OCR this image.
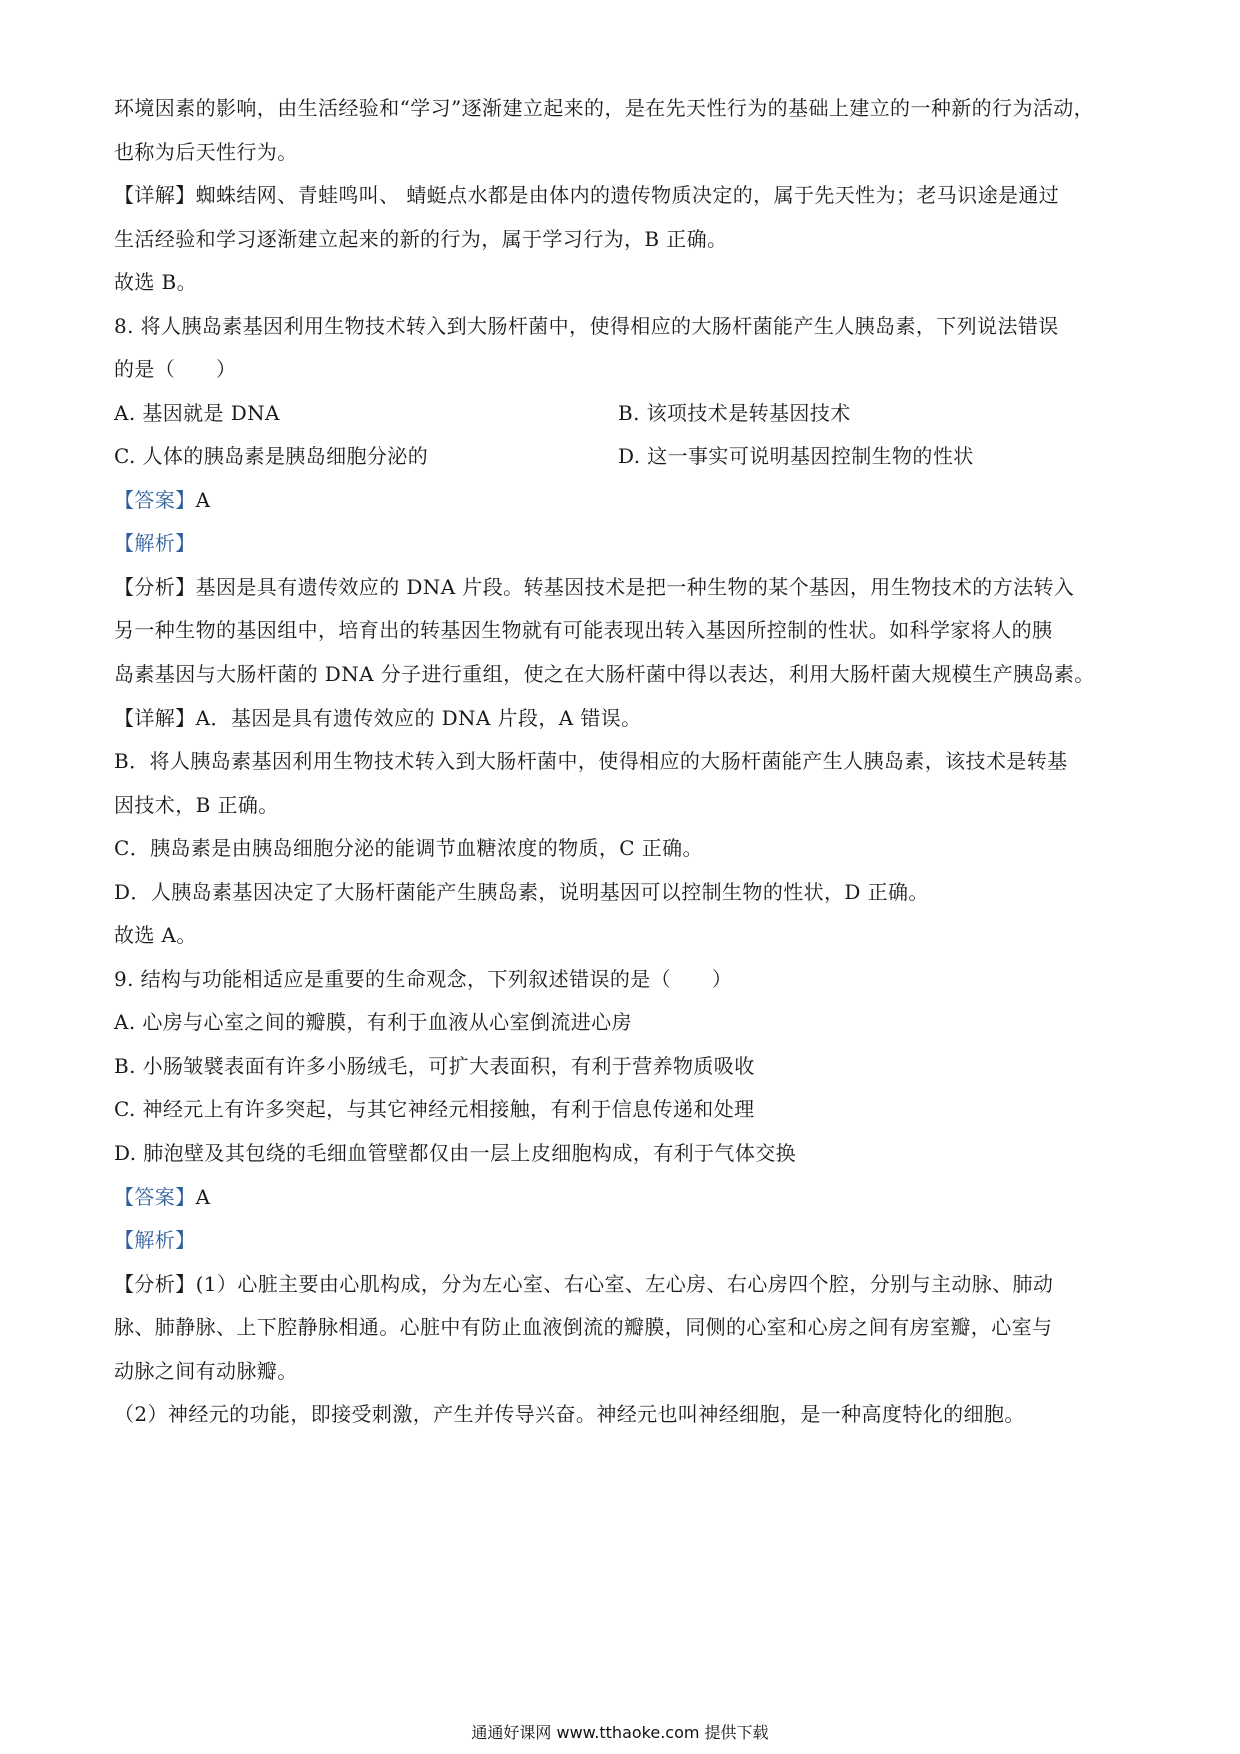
环境因素的影响，由生活经验和“学习”逐渐建立起来的，是在先天性行为的基础上建立的一种新的行为活动，
也称为后天性行为。
【详解】蜘蛛结网、青蛙鸣叫、 蜻蜓点水都是由体内的遗传物质决定的，属于先天性为；老马识途是通过
生活经验和学习逐渐建立起来的新的行为，属于学习行为，B 正确。
故选 B。
8. 将人胰岛素基因利用生物技术转入到大肠杆菌中，使得相应的大肠杆菌能产生人胰岛素，下列说法错误
的是（　　）
A. 基因就是 DNA	B. 该项技术是转基因技术
C. 人体的胰岛素是胰岛细胞分泌的	D. 这一事实可说明基因控制生物的性状
【答案】A
【解析】
【分析】基因是具有遗传效应的 DNA 片段。转基因技术是把一种生物的某个基因，用生物技术的方法转入
另一种生物的基因组中，培育出的转基因生物就有可能表现出转入基因所控制的性状。如科学家将人的胰
岛素基因与大肠杆菌的 DNA 分子进行重组，使之在大肠杆菌中得以表达，利用大肠杆菌大规模生产胰岛素。
【详解】A．基因是具有遗传效应的 DNA 片段，A 错误。
B．将人胰岛素基因利用生物技术转入到大肠杆菌中，使得相应的大肠杆菌能产生人胰岛素，该技术是转基
因技术，B 正确。
C．胰岛素是由胰岛细胞分泌的能调节血糖浓度的物质，C 正确。
D．人胰岛素基因决定了大肠杆菌能产生胰岛素，说明基因可以控制生物的性状，D 正确。
故选 A。
9. 结构与功能相适应是重要的生命观念，下列叙述错误的是（　　）
A. 心房与心室之间的瓣膜，有利于血液从心室倒流进心房
B. 小肠皱襞表面有许多小肠绒毛，可扩大表面积，有利于营养物质吸收
C. 神经元上有许多突起，与其它神经元相接触，有利于信息传递和处理
D. 肺泡壁及其包绕的毛细血管壁都仅由一层上皮细胞构成，有利于气体交换
【答案】A
【解析】
【分析】(1）心脏主要由心肌构成，分为左心室、右心室、左心房、右心房四个腔，分别与主动脉、肺动
脉、肺静脉、上下腔静脉相通。心脏中有防止血液倒流的瓣膜，同侧的心室和心房之间有房室瓣，心室与
动脉之间有动脉瓣。
（2）神经元的功能，即接受刺激，产生并传导兴奋。神经元也叫神经细胞，是一种高度特化的细胞。
通通好课网 www.tthaoke.com 提供下载
